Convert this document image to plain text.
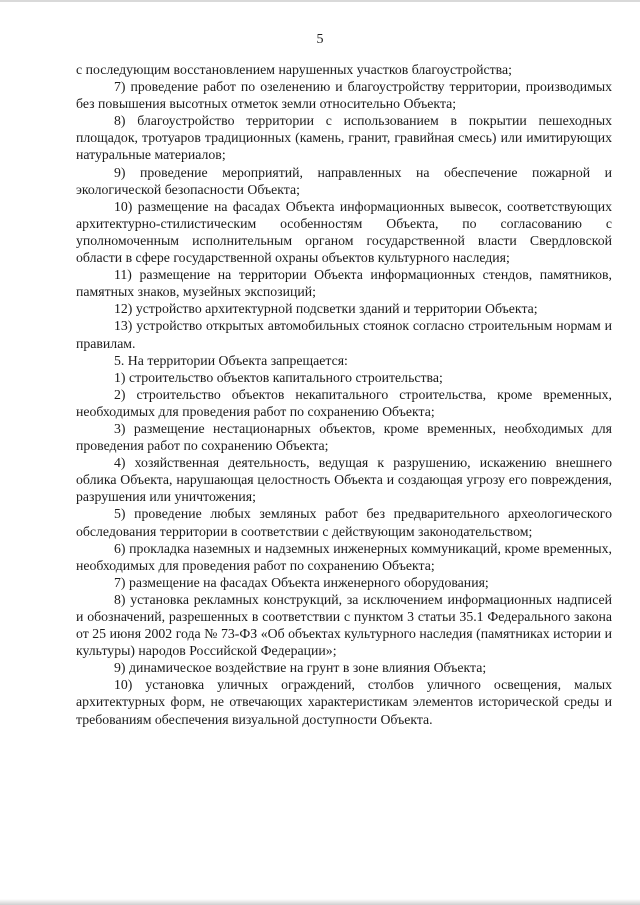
5

с последующим восстановлением нарушенных участков благоустройства;

7) проведение работ по озеленению и благоустройству территории, производимых без повышения высотных отметок земли относительно Объекта;

8) благоустройство территории с использованием в покрытии пешеходных площадок, тротуаров традиционных (камень, гранит, гравийная смесь) или имитирующих натуральные материалов;

9) проведение мероприятий, направленных на обеспечение пожарной и экологической безопасности Объекта;

10) размещение на фасадах Объекта информационных вывесок, соответствующих архитектурно-стилистическим особенностям Объекта, по согласованию с уполномоченным исполнительным органом государственной власти Свердловской области в сфере государственной охраны объектов культурного наследия;

11) размещение на территории Объекта информационных стендов, памятников, памятных знаков, музейных экспозиций;

12) устройство архитектурной подсветки зданий и территории Объекта;

13) устройство открытых автомобильных стоянок согласно строительным нормам и правилам.

5. На территории Объекта запрещается:

1) строительство объектов капитального строительства;

2) строительство объектов некапитального строительства, кроме временных, необходимых для проведения работ по сохранению Объекта;

3) размещение нестационарных объектов, кроме временных, необходимых для проведения работ по сохранению Объекта;

4) хозяйственная деятельность, ведущая к разрушению, искажению внешнего облика Объекта, нарушающая целостность Объекта и создающая угрозу его повреждения, разрушения или уничтожения;

5) проведение любых земляных работ без предварительного археологического обследования территории в соответствии с действующим законодательством;

6) прокладка наземных и надземных инженерных коммуникаций, кроме временных, необходимых для проведения работ по сохранению Объекта;

7) размещение на фасадах Объекта инженерного оборудования;

8) установка рекламных конструкций, за исключением информационных надписей и обозначений, разрешенных в соответствии с пунктом 3 статьи 35.1 Федерального закона от 25 июня 2002 года № 73-ФЗ «Об объектах культурного наследия (памятниках истории и культуры) народов Российской Федерации»;

9) динамическое воздействие на грунт в зоне влияния Объекта;

10) установка уличных ограждений, столбов уличного освещения, малых архитектурных форм, не отвечающих характеристикам элементов исторической среды и требованиям обеспечения визуальной доступности Объекта.
